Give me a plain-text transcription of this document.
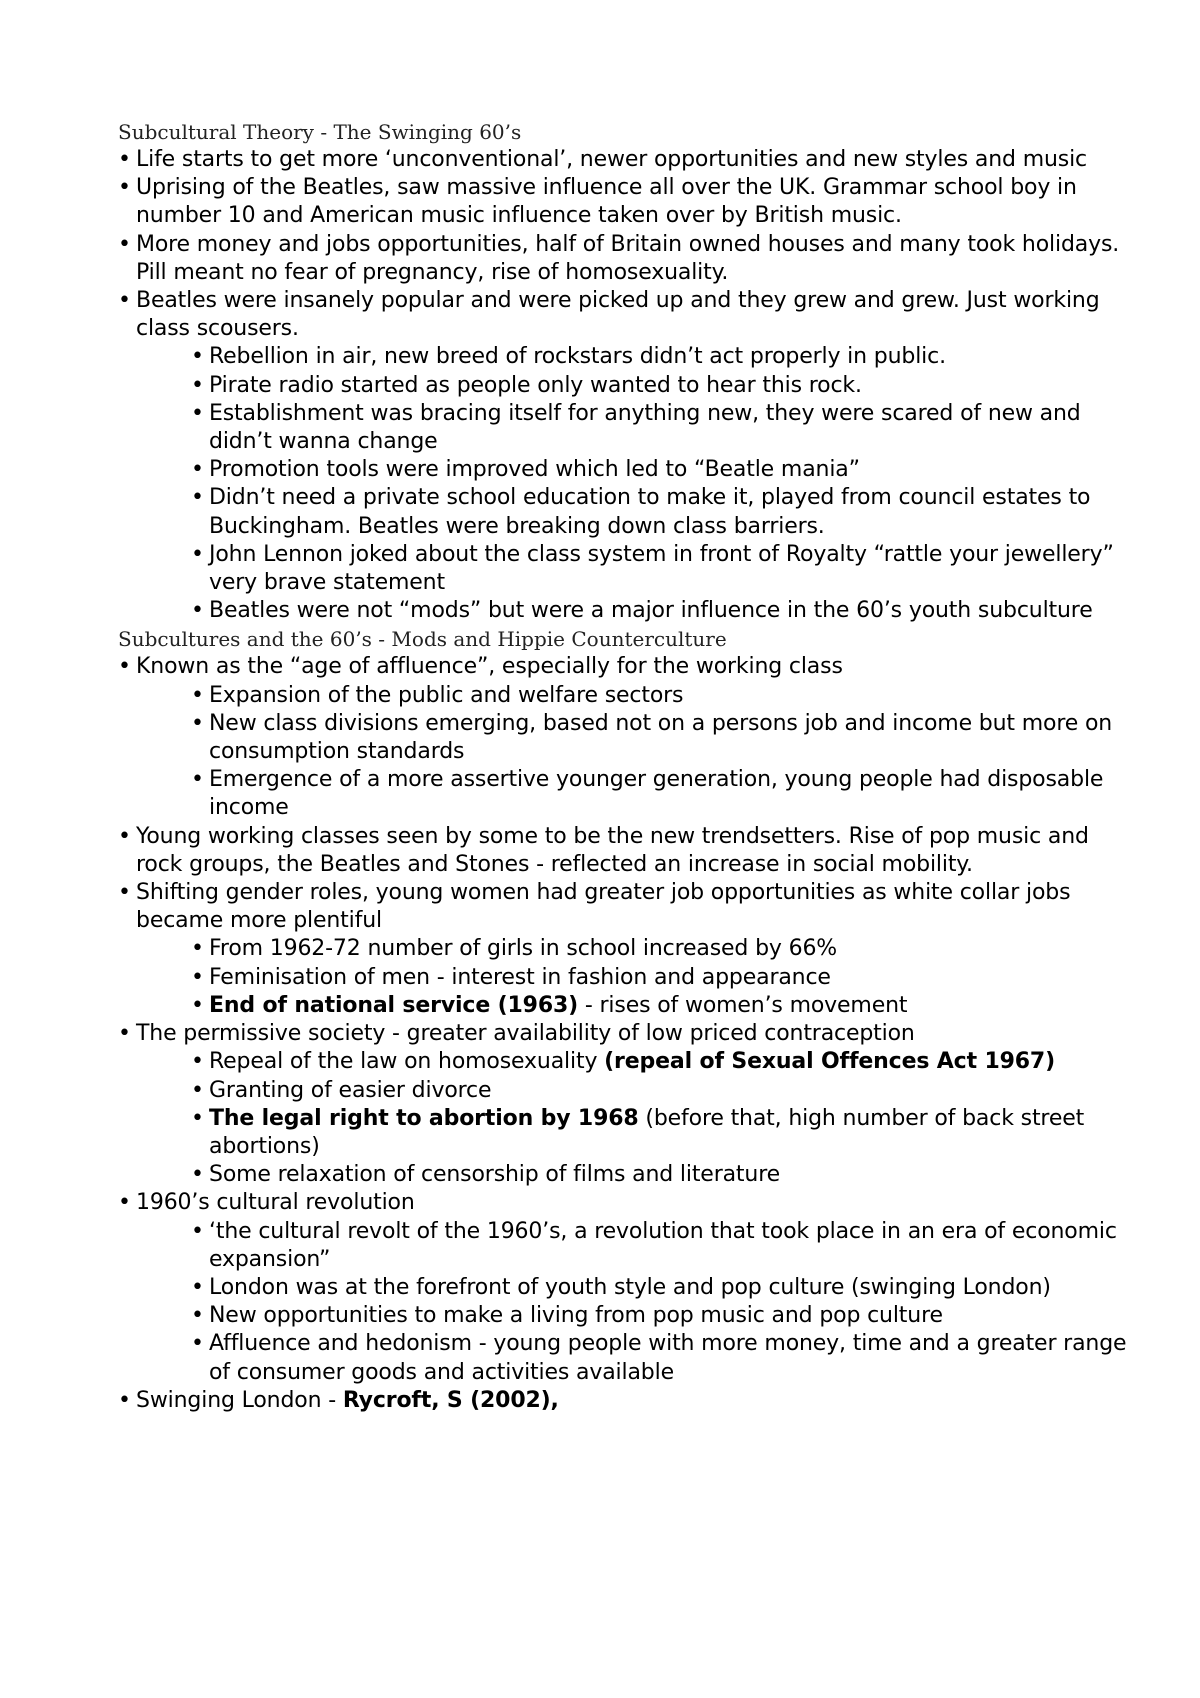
Subcultural Theory - The Swinging 60’s

• Life starts to get more ‘unconventional’, newer opportunities and new styles and music
• Uprising of the Beatles, saw massive influence all over the UK. Grammar school boy in number 10 and American music influence taken over by British music.
• More money and jobs opportunities, half of Britain owned houses and many took holidays. Pill meant no fear of pregnancy, rise of homosexuality.
• Beatles were insanely popular and were picked up and they grew and grew. Just working class scousers.
• Rebellion in air, new breed of rockstars didn’t act properly in public.
• Pirate radio started as people only wanted to hear this rock.
• Establishment was bracing itself for anything new, they were scared of new and didn’t wanna change
• Promotion tools were improved which led to “Beatle mania”
• Didn’t need a private school education to make it, played from council estates to Buckingham. Beatles were breaking down class barriers.
• John Lennon joked about the class system in front of Royalty “rattle your jewellery” very brave statement
• Beatles were not “mods” but were a major influence in the 60’s youth subculture

Subcultures and the 60’s - Mods and Hippie Counterculture

• Known as the “age of affluence”, especially for the working class
• Expansion of the public and welfare sectors
• New class divisions emerging, based not on a persons job and income but more on consumption standards
• Emergence of a more assertive younger generation, young people had disposable income
• Young working classes seen by some to be the new trendsetters. Rise of pop music and rock groups, the Beatles and Stones - reflected an increase in social mobility.
• Shifting gender roles, young women had greater job opportunities as white collar jobs became more plentiful
• From 1962-72 number of girls in school increased by 66%
• Feminisation of men - interest in fashion and appearance
• End of national service (1963) - rises of women’s movement
• The permissive society - greater availability of low priced contraception
• Repeal of the law on homosexuality (repeal of Sexual Offences Act 1967)
• Granting of easier divorce
• The legal right to abortion by 1968 (before that, high number of back street abortions)
• Some relaxation of censorship of films and literature
• 1960’s cultural revolution
• ‘the cultural revolt of the 1960’s, a revolution that took place in an era of economic expansion”
• London was at the forefront of youth style and pop culture (swinging London)
• New opportunities to make a living from pop music and pop culture
• Affluence and hedonism - young people with more money, time and a greater range of consumer goods and activities available
• Swinging London - Rycroft, S (2002),
